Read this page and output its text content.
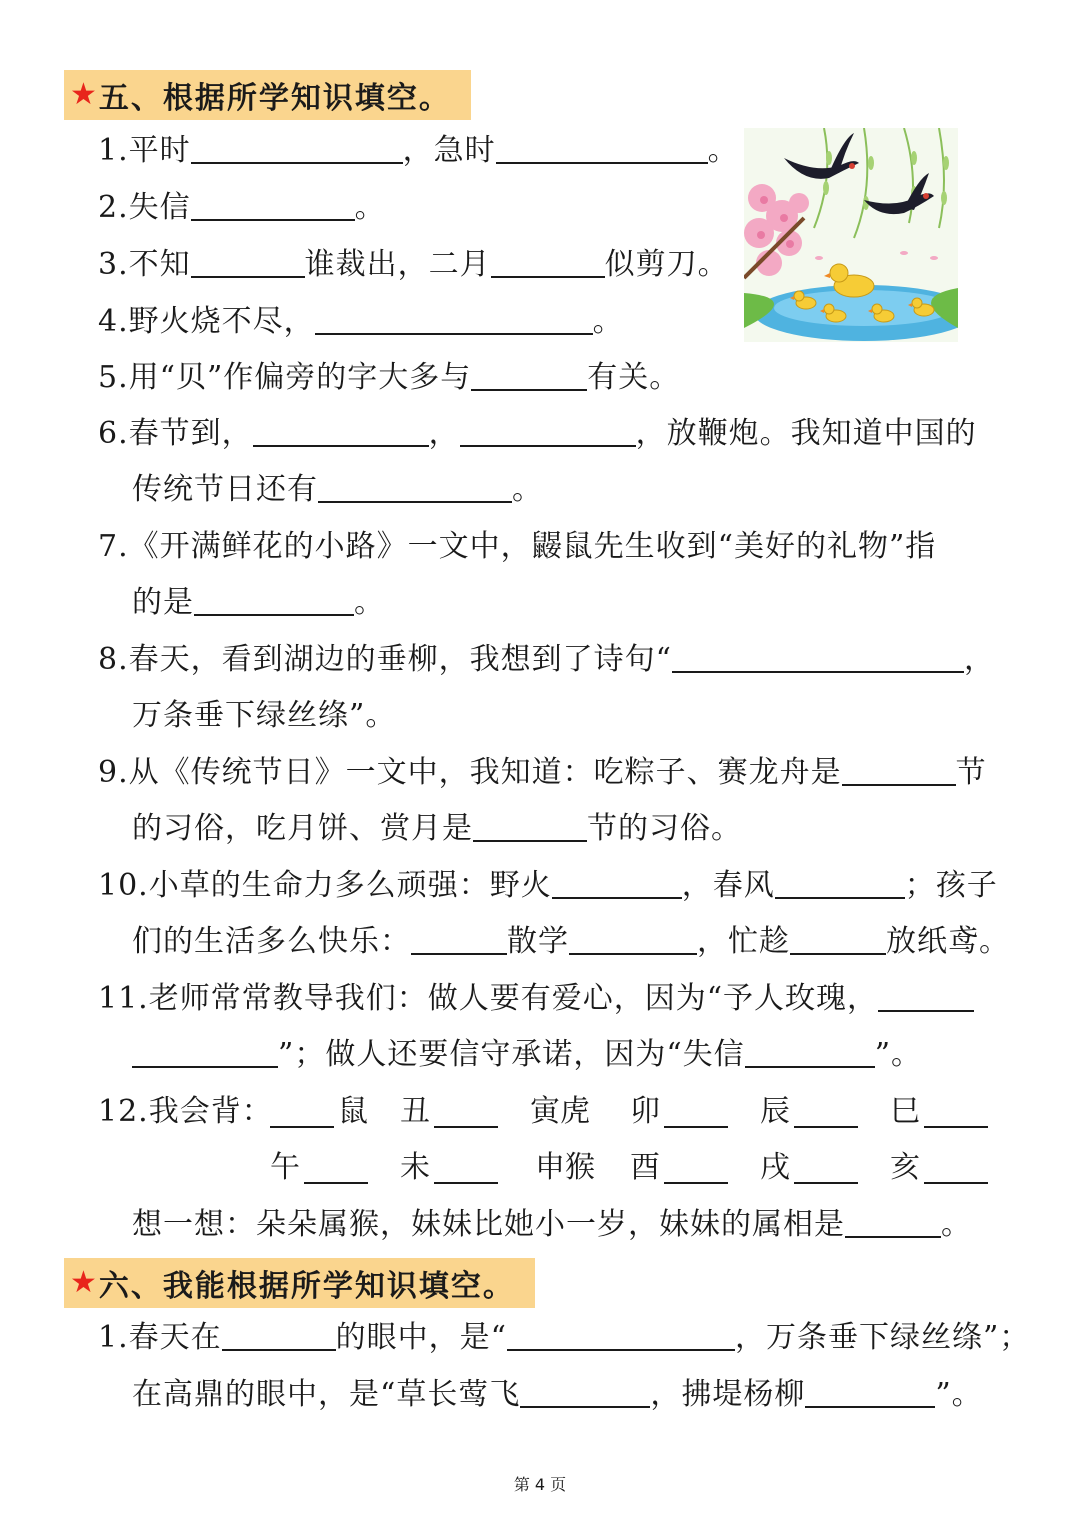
★ 五、根据所学知识填空。
1.平时	，急时	。
2.失信	。
3.不知	谁裁出，二月	似剪刀。
4.野火烧不尽，	。
5.用“贝”作偏旁的字大多与	有关。
6.春节到，	，	，放鞭炮。我知道中国的
传统节日还有	。
7.《开满鲜花的小路》一文中，鼹鼠先生收到“美好的礼物”指
的是	。
8.春天，看到湖边的垂柳，我想到了诗句“	，
万条垂下绿丝绦”。
9.从《传统节日》一文中，我知道：吃粽子、赛龙舟是	节
的习俗，吃月饼、赏月是	节的习俗。
10.小草的生命力多么顽强：野火	，春风	；孩子
们的生活多么快乐：	散学	，忙趁	放纸鸢。
11.老师常常教导我们：做人要有爱心，因为“予人玫瑰，
”；做人还要信守承诺，因为“失信	”。
12.我会背： 鼠 丑	寅虎 卯	辰	巳
午	未	申猴 酉	戌	亥
想一想：朵朵属猴，妹妹比她小一岁，妹妹的属相是	。
★ 六、我能根据所学知识填空。
1.春天在	的眼中，是“	，万条垂下绿丝绦”；
在高鼎的眼中，是“草长莺飞	，拂堤杨柳	”。
第 4 页
